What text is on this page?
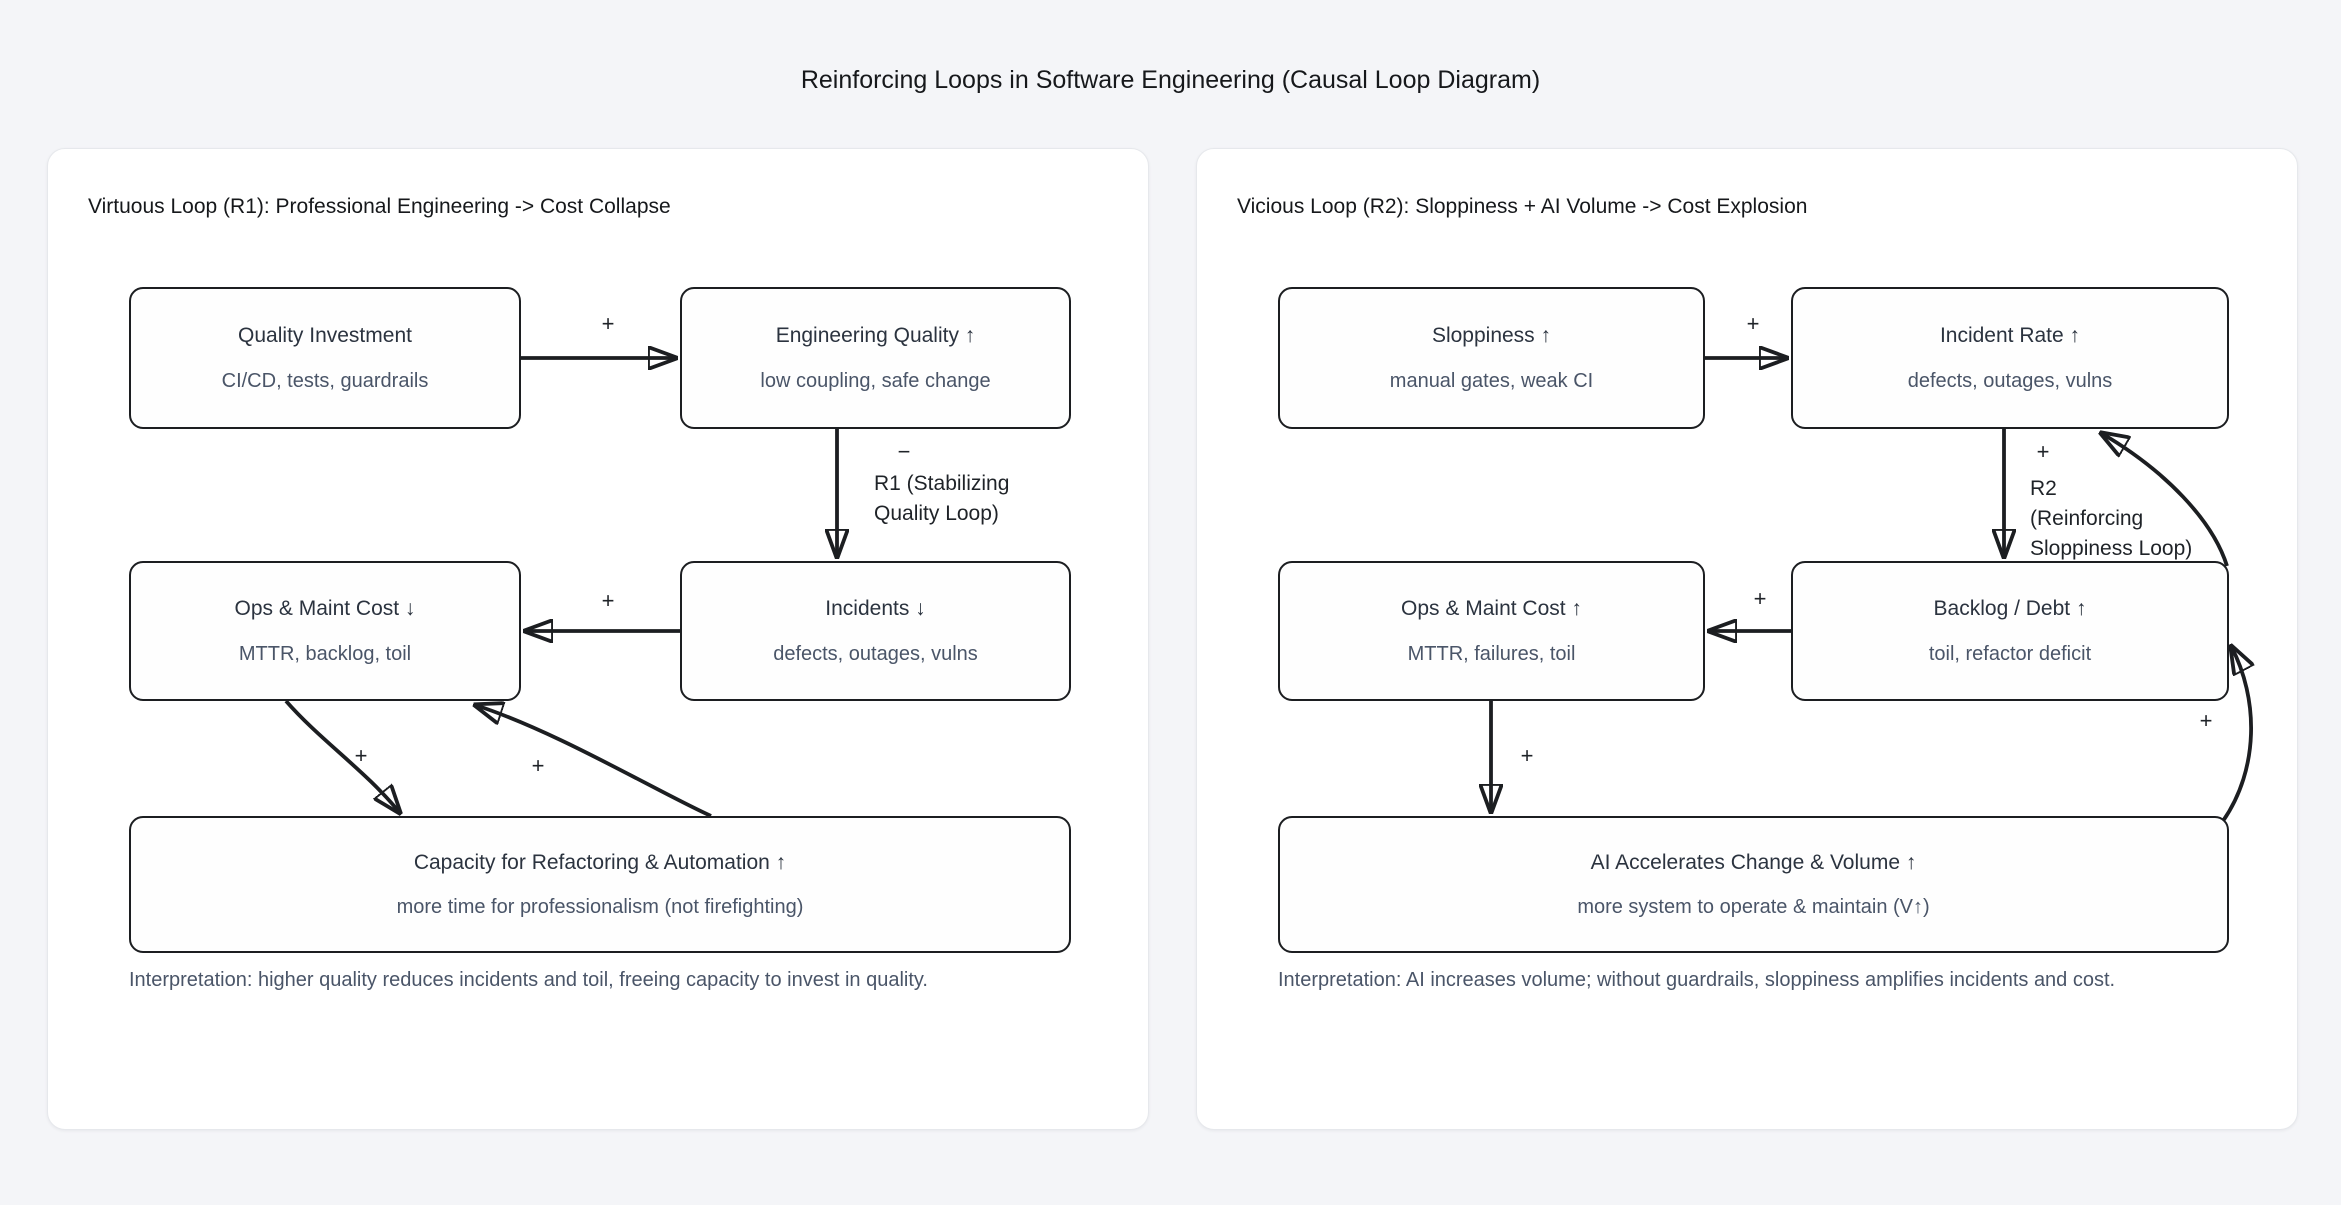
Reinforcing Loops in Software Engineering (Causal Loop Diagram)
Virtuous Loop (R1): Professional Engineering -> Cost Collapse
Quality Investment
CI/CD, tests, guardrails
Engineering Quality ↑
low coupling, safe change
Ops & Maint Cost ↓
MTTR, backlog, toil
Incidents ↓
defects, outages, vulns
Capacity for Refactoring & Automation ↑
more time for professionalism (not firefighting)
+
−
+
+	+
R1 (Stabilizing
Quality Loop)
Interpretation: higher quality reduces incidents and toil, freeing capacity to invest in quality.
Vicious Loop (R2): Sloppiness + AI Volume -> Cost Explosion
Sloppiness ↑
manual gates, weak CI
Incident Rate ↑
defects, outages, vulns
Ops & Maint Cost ↑
MTTR, failures, toil
Backlog / Debt ↑
toil, refactor deficit
AI Accelerates Change & Volume ↑
more system to operate & maintain (V↑)
+
+
+
+
+
R2
(Reinforcing
Sloppiness Loop)
Interpretation: AI increases volume; without guardrails, sloppiness amplifies incidents and cost.
